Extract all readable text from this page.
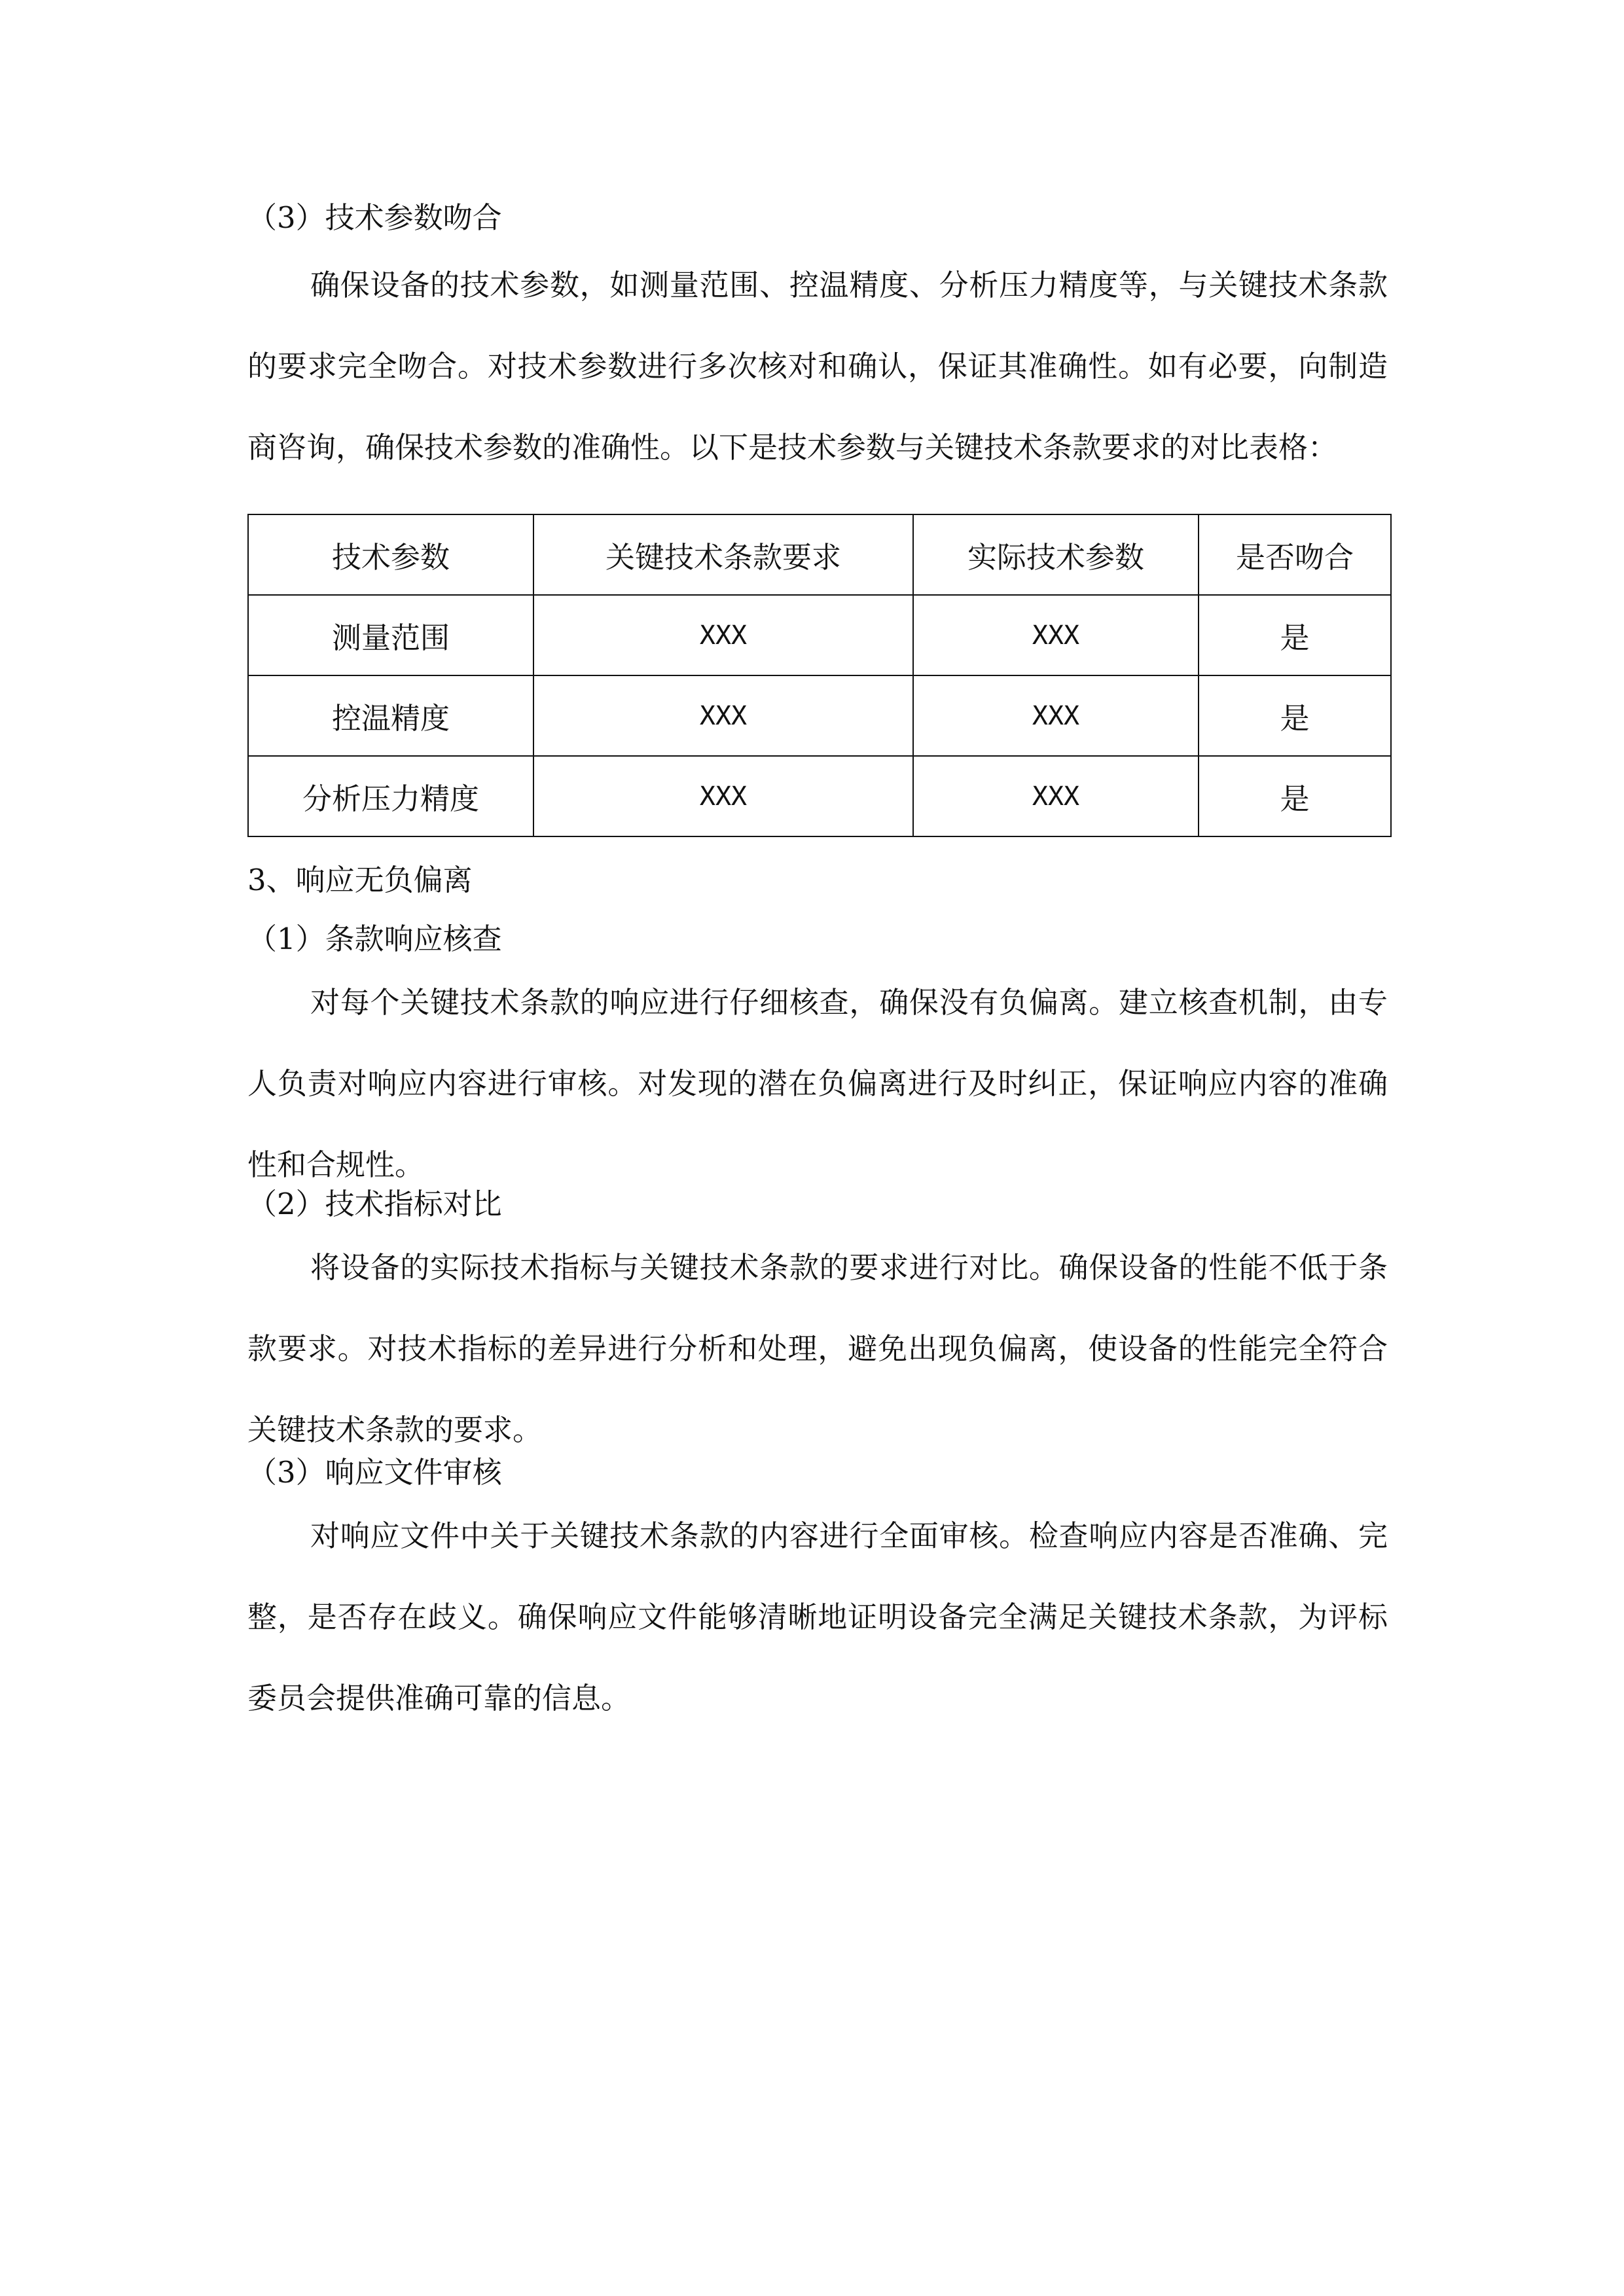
（3）技术参数吻合
确保设备的技术参数，如测量范围、控温精度、分析压力精度等，与关键技术条款的要求完全吻合。对技术参数进行多次核对和确认，保证其准确性。如有必要，向制造商咨询，确保技术参数的准确性。以下是技术参数与关键技术条款要求的对比表格：
技术参数	关键技术条款要求	实际技术参数	是否吻合
测量范围	XXX	XXX	是
控温精度	XXX	XXX	是
分析压力精度	XXX	XXX	是
3、响应无负偏离
（1）条款响应核查
对每个关键技术条款的响应进行仔细核查，确保没有负偏离。建立核查机制，由专人负责对响应内容进行审核。对发现的潜在负偏离进行及时纠正，保证响应内容的准确性和合规性。
（2）技术指标对比
将设备的实际技术指标与关键技术条款的要求进行对比。确保设备的性能不低于条款要求。对技术指标的差异进行分析和处理，避免出现负偏离，使设备的性能完全符合关键技术条款的要求。
（3）响应文件审核
对响应文件中关于关键技术条款的内容进行全面审核。检查响应内容是否准确、完整，是否存在歧义。确保响应文件能够清晰地证明设备完全满足关键技术条款，为评标委员会提供准确可靠的信息。
